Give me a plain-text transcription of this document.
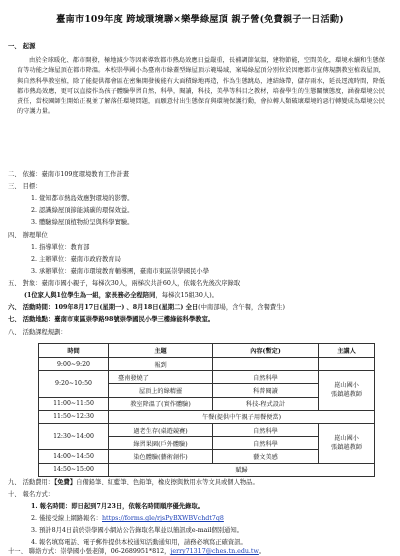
臺南市109年度 跨域環境聯×樂學綠屋頂 親子營(免費親子一日活動)
一、 起源
由於全球暖化、都市開發，極地減少等因素導致都市熱島效應日益嚴重，長補調節氣溫，建物節能，空間美化，環境永續和生態保育等功能之綠屋頂在都市降溫。本校崇學國小為臺南市綠蓋型綠屋頂示範場域，案場綠屋頂分別位於因應都市宣傳規劃教室植栽屋頂，與自然科學教室植，除了能提供都會區在密集開發後能有大面積綠地再造，作為生態跳島，連結綠帶，儲存雨水，延長逕流時間，降低都市熱島效應，更可以直接作為孩子體驗學習自然，科學，閱讀，科技，美學等科目之教材，培養學生的生態關懷態度，涵養環境公民責任，當校園師生開始正視並了解落任環境問題，而願意付出生態保育與環境保護行動，會拉轉人類破壞環境的惡行轉變成為環境公民的守護力量。
二、 依據：臺南市109度環境教育工作計畫
三、 目標：
1. 覺知都市熱島效應對環境的影響。
2. 認識綠屋頂節能減碳的環保效益。
3. 體驗綠屋頂植物紛呈與科學實驗。
四、 辦理單位
1. 指導單位：教育部
2. 主辦單位：臺南市政府教育局
3. 承辦單位：臺南市環境教育輔導團，臺南市東區崇學國民小學
五、 對象：臺南市國小親子，每梯次30人，兩梯次共計60人，依報名先後次序錄取
(1位家人與1位學生為一組，家長務必全程陪同，每梯次15組30人)。
六、 活動時間：109年8月17日(星期一) 、8月18日(星期二) 全日(中南部場，含午餐，含餐費生)
七、 活動地點：臺南市東區崇學路98號崇學國民小學三樓綠能科學教室。
八、 活動課程規劃：
時間	主題	內容(暫定)	主講人
9:00~9:20	報到		
9:20~10:50	臺南發燒了	自然科學	崑山國小
張鎮越教師
	屋頂上的綠精靈	科普閱讀	
11:00~11:50	教室降溫了(實作體驗)	科技-程式設計	
11:50~12:30	午餐(提供中午親子用餐便當)		
12:30~14:00	過老生存(桌遊競賽)	自然科學	崑山國小
張鎮越教師
	綠習果園(戶外體驗)	自然科學	
14:00~14:50	染色體驗(藝術創作)	藝文美感	
14:50~15:00	賦歸		
九、 活動費用：【免費】自備鉛筆、紅藍筆、色鉛筆，橡皮擦與飲用水等文具或個人物品。
十、 報名方式：
1. 報名時間：即日起到7月23日，依報名時間順序優先錄取。
2. 僅接受線上網路報名：https://forms.gle/rjsPyBXWBVchdt7q8
3. 預計8月4日前於崇學國小網站公告錄取名單並以簡訊或e-mail個別通知。
4. 報名填寫電話、電子郵件提供本校通知活動通知用，請務必填寫正確資訊。
十一、 聯絡方式：崇學國小張老師，06-2689951*812，jerry71317@ches.tn.edu.tw。
